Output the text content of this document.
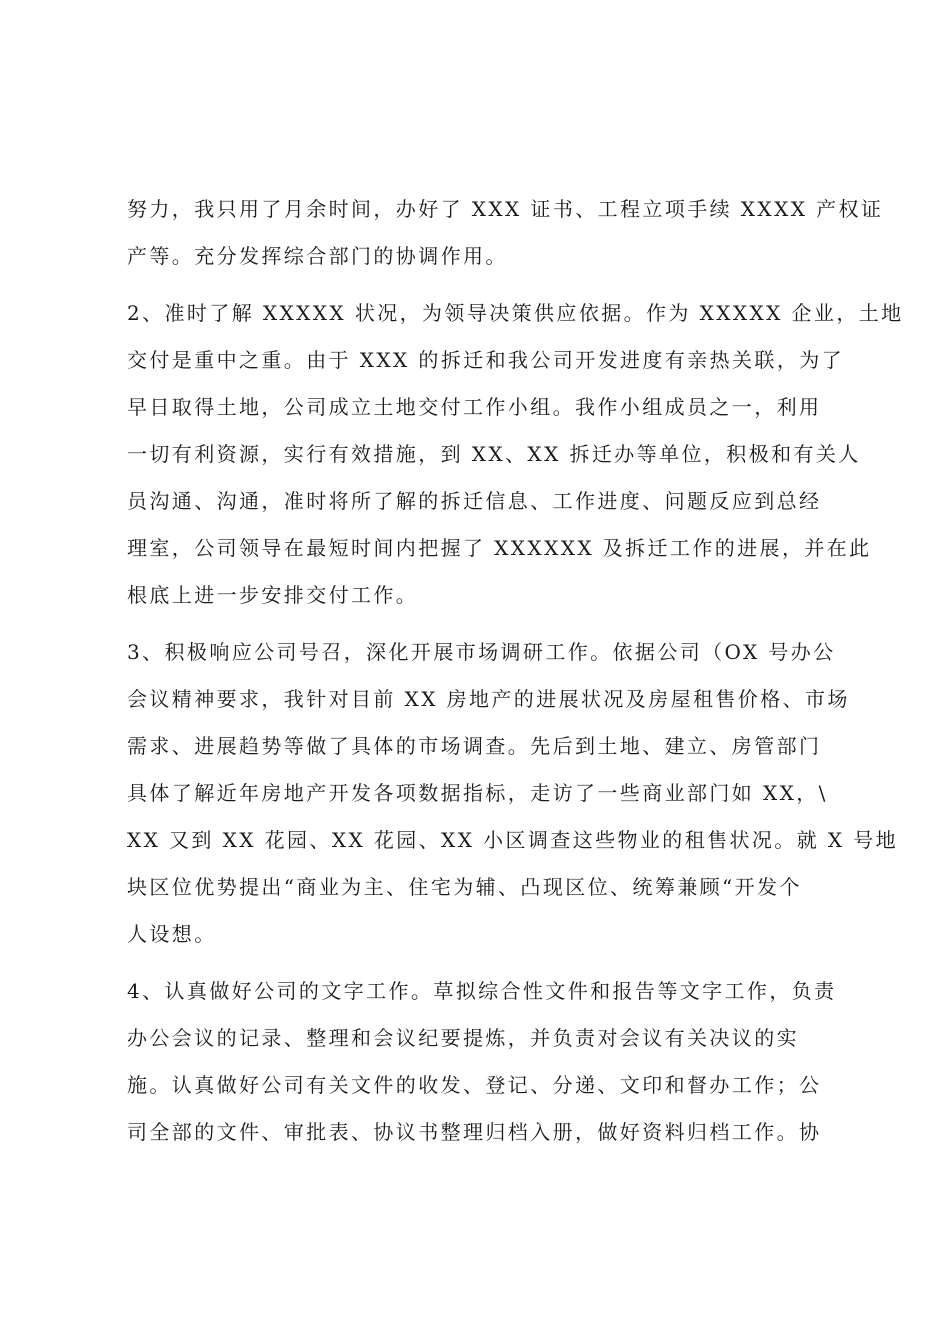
努力，我只用了月余时间，办好了 XXX 证书、工程立项手续 XXXX 产权证
产等。充分发挥综合部门的协调作用。
2、准时了解 XXXXX 状况，为领导决策供应依据。作为 XXXXX 企业，土地
交付是重中之重。由于 XXX 的拆迁和我公司开发进度有亲热关联，为了
早日取得土地，公司成立土地交付工作小组。我作小组成员之一，利用
一切有利资源，实行有效措施，到 XX、XX 拆迁办等单位，积极和有关人
员沟通、沟通，准时将所了解的拆迁信息、工作进度、问题反应到总经
理室，公司领导在最短时间内把握了 XXXXXX 及拆迁工作的进展，并在此
根底上进一步安排交付工作。
3、积极响应公司号召，深化开展市场调研工作。依据公司（OX 号办公
会议精神要求，我针对目前 XX 房地产的进展状况及房屋租售价格、市场
需求、进展趋势等做了具体的市场调查。先后到土地、建立、房管部门
具体了解近年房地产开发各项数据指标，走访了一些商业部门如 XX，\
XX 又到 XX 花园、XX 花园、XX 小区调查这些物业的租售状况。就 X 号地
块区位优势提出“商业为主、住宅为辅、凸现区位、统筹兼顾“开发个
人设想。
4、认真做好公司的文字工作。草拟综合性文件和报告等文字工作，负责
办公会议的记录、整理和会议纪要提炼，并负责对会议有关决议的实
施。认真做好公司有关文件的收发、登记、分递、文印和督办工作；公
司全部的文件、审批表、协议书整理归档入册，做好资料归档工作。协
